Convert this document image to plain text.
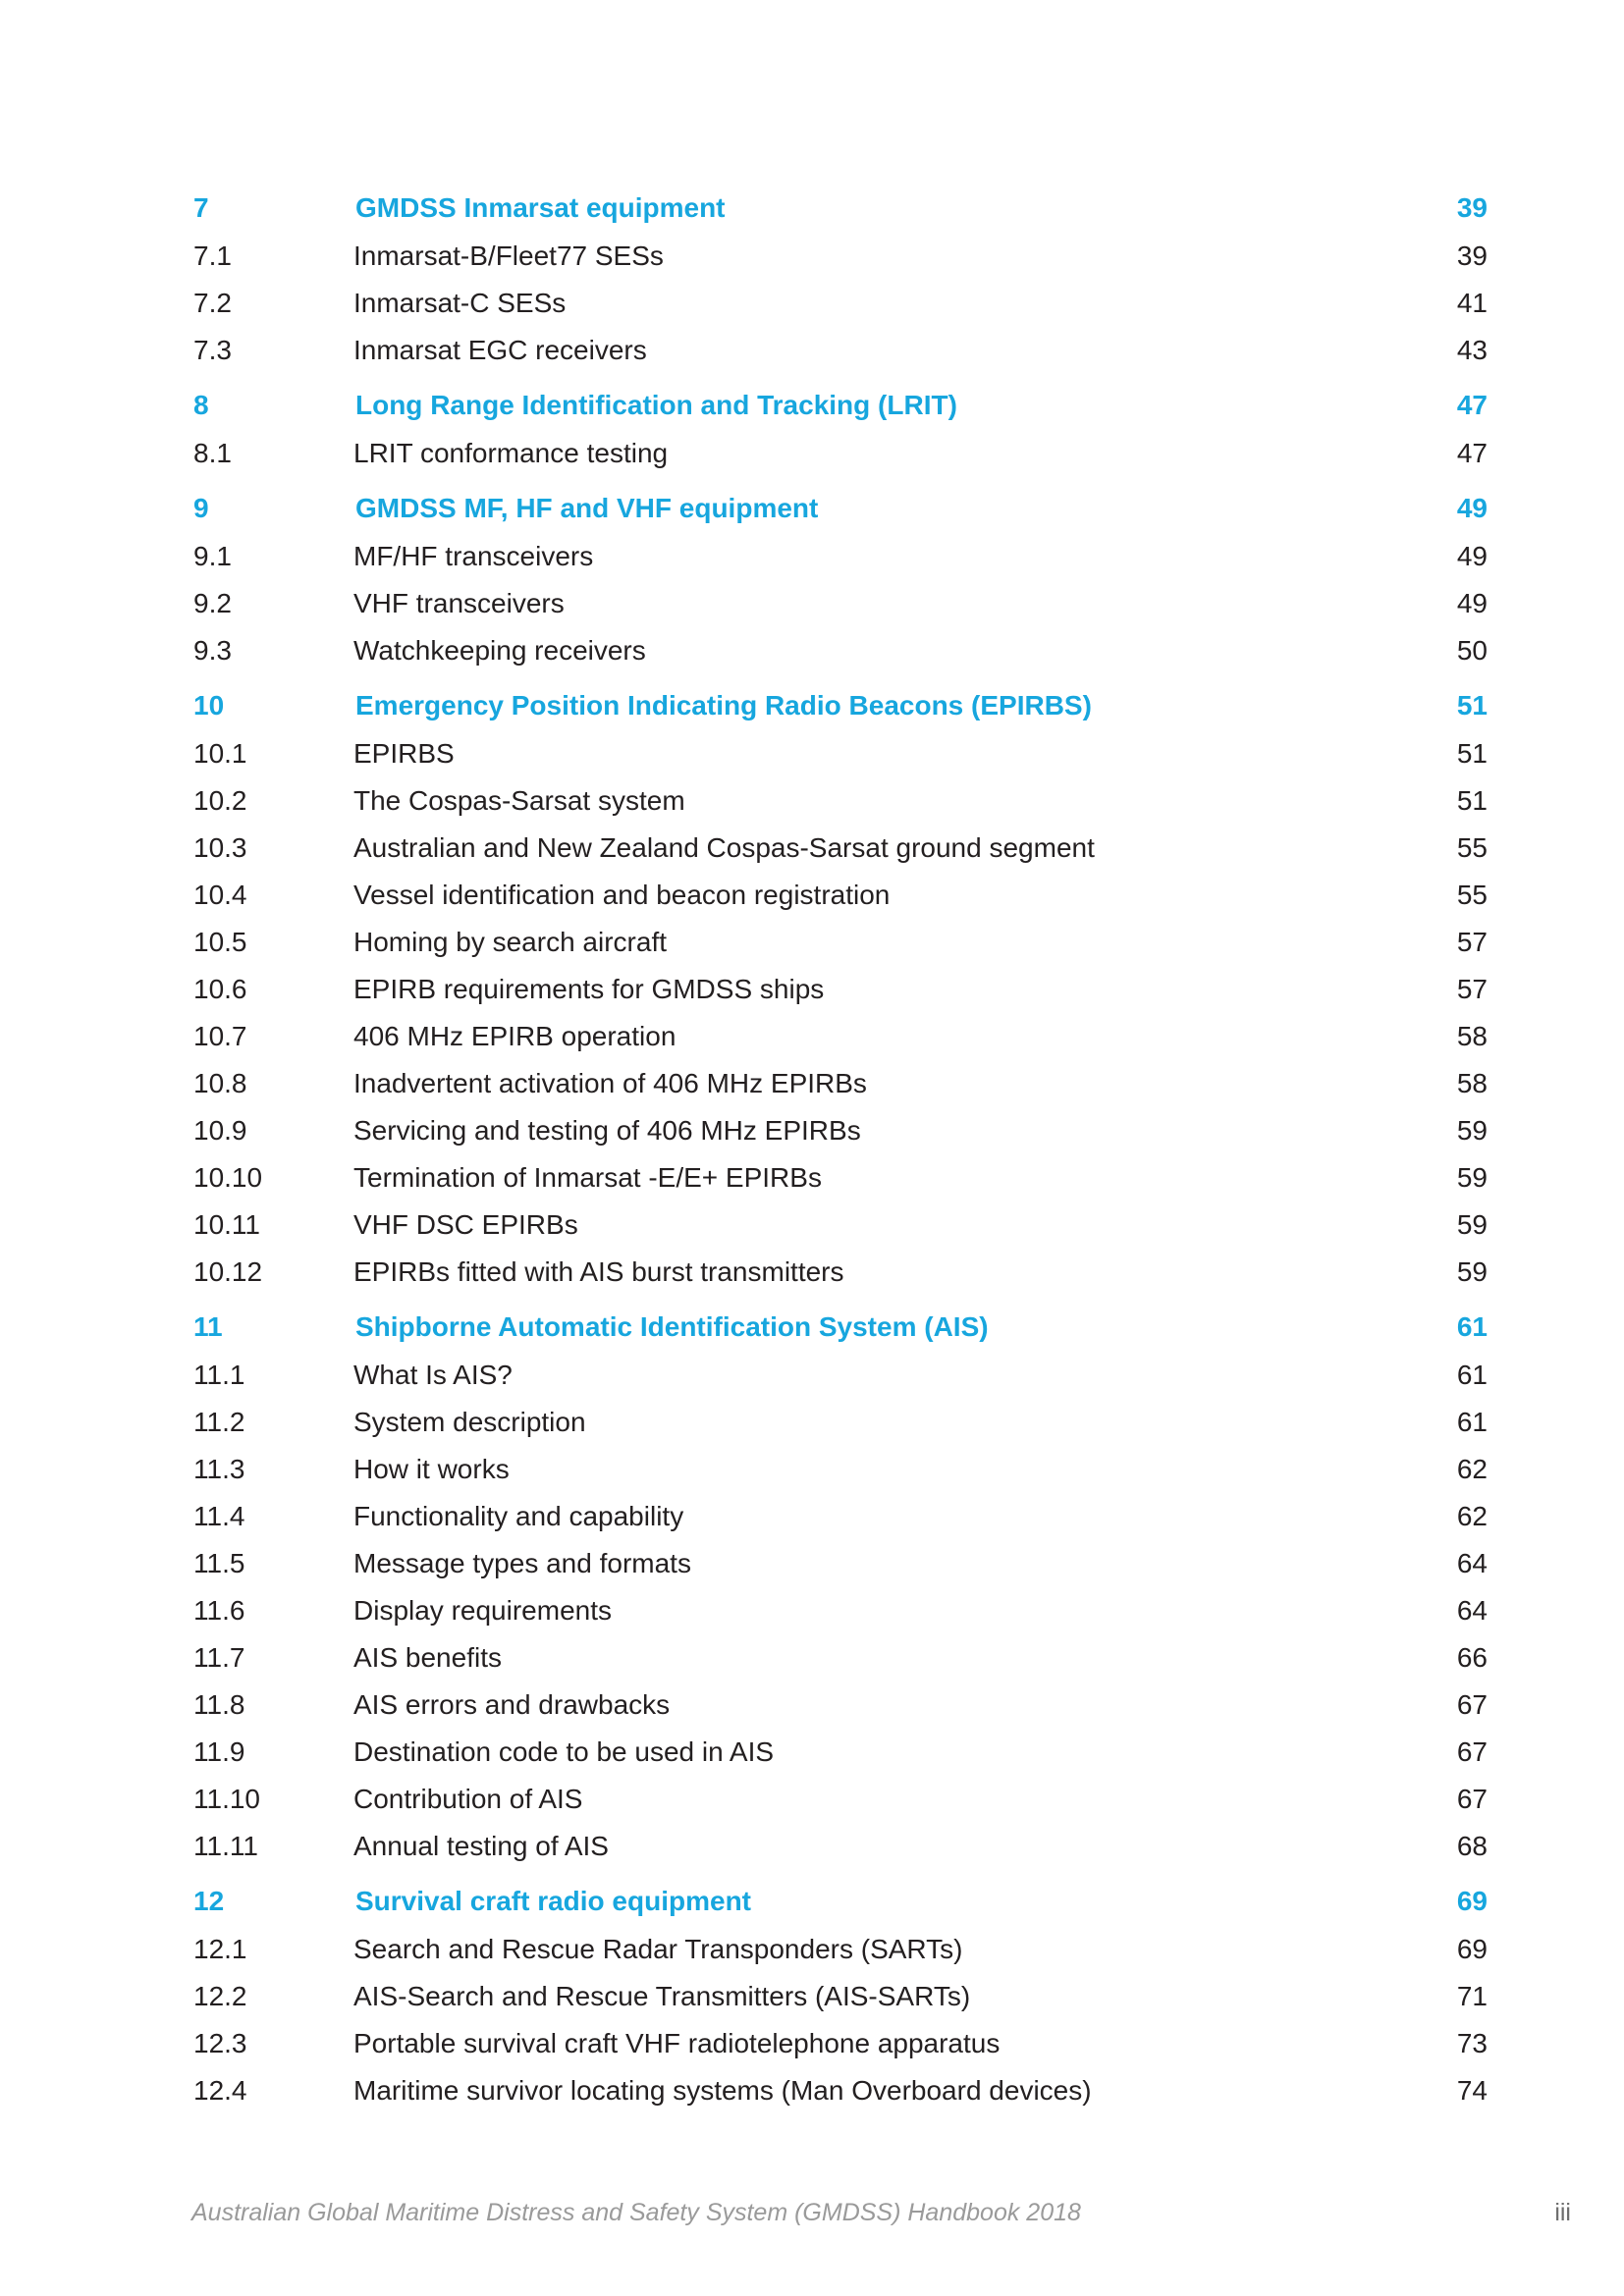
7	GMDSS Inmarsat equipment	39
7.1	Inmarsat-B/Fleet77 SESs	39
7.2	Inmarsat-C SESs	41
7.3	Inmarsat EGC receivers	43
8	Long Range Identification and Tracking (LRIT)	47
8.1	LRIT conformance testing	47
9	GMDSS MF, HF and VHF equipment	49
9.1	MF/HF transceivers	49
9.2	VHF transceivers	49
9.3	Watchkeeping receivers	50
10	Emergency Position Indicating Radio Beacons (EPIRBS)	51
10.1	EPIRBS	51
10.2	The Cospas-Sarsat system	51
10.3	Australian and New Zealand Cospas-Sarsat ground segment	55
10.4	Vessel identification and beacon registration	55
10.5	Homing by search aircraft	57
10.6	EPIRB requirements for GMDSS ships	57
10.7	406 MHz EPIRB operation	58
10.8	Inadvertent activation of 406 MHz EPIRBs	58
10.9	Servicing and testing of 406 MHz EPIRBs	59
10.10	Termination of Inmarsat -E/E+ EPIRBs	59
10.11	VHF DSC EPIRBs	59
10.12	EPIRBs fitted with AIS burst transmitters	59
11	Shipborne Automatic Identification System (AIS)	61
11.1	What Is AIS?	61
11.2	System description	61
11.3	How it works	62
11.4	Functionality and capability	62
11.5	Message types and formats	64
11.6	Display requirements	64
11.7	AIS benefits	66
11.8	AIS errors and drawbacks	67
11.9	Destination code to be used in AIS	67
11.10	Contribution of AIS	67
11.11	Annual testing of AIS	68
12	Survival craft radio equipment	69
12.1	Search and Rescue Radar Transponders (SARTs)	69
12.2	AIS-Search and Rescue Transmitters (AIS-SARTs)	71
12.3	Portable survival craft VHF radiotelephone apparatus	73
12.4	Maritime survivor locating systems (Man Overboard devices)	74
Australian Global Maritime Distress and Safety System (GMDSS) Handbook 2018	iii
